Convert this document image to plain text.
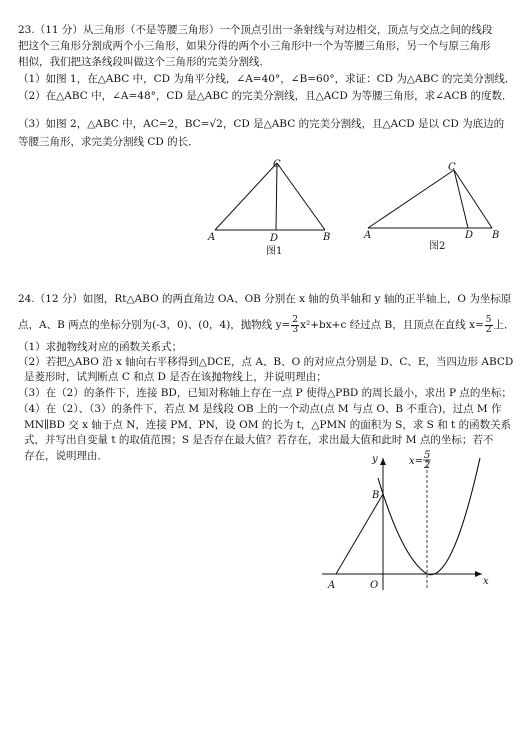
23.（11 分）从三角形（不是等腰三角形）一个顶点引出一条射线与对边相交，顶点与交点之间的线段
把这个三角形分割成两个小三角形，如果分得的两个小三角形中一个为等腰三角形，另一个与原三角形
相似，我们把这条线段叫做这个三角形的完美分割线．
（1）如图 1，在△ABC 中，CD 为角平分线，∠A=40°，∠B=60°，求证：CD 为△ABC 的完美分割线．
（2）在△ABC 中，∠A=48°，CD 是△ABC 的完美分割线，且△ACD 为等腰三角形，求∠ACB 的度数．
（3）如图 2，△ABC 中，AC=2，BC=√2，CD 是△ABC 的完美分割线，且△ACD 是以 CD 为底边的
等腰三角形，求完美分割线 CD 的长．
C
A	D	B
图1
C
A	D B
图2
24.（12 分）如图，Rt△ABO 的两直角边 OA、OB 分别在 x 轴的负半轴和 y 轴的正半轴上，O 为坐标原
点，A、B 两点的坐标分别为(-3，0)、(0，4)，抛物线 $y= \frac{2}{3} x^2+bx+c$ 经过点 B，且顶点在直线 $x= \frac{5}{2}$ 上．
（1）求抛物线对应的函数关系式；
（2）若把△ABO 沿 x 轴向右平移得到△DCE，点 A、B、O 的对应点分别是 D、C、E，当四边形 ABCD
是菱形时，试判断点 C 和点 D 是否在该抛物线上，并说明理由；
（3）在（2）的条件下，连接 BD，已知对称轴上存在一点 P 使得△PBD 的周长最小，求出 P 点的坐标；
（4）在（2）、（3）的条件下，若点 M 是线段 OB 上的一个动点(点 M 与点 O、B 不重合)，过点 M 作
MN∥BD 交 x 轴于点 N，连接 PM、PN，设 OM 的长为 t，△PMN 的面积为 S，求 S 和 t 的函数关系
式，并写出自变量 t 的取值范围；S 是否存在最大值？若存在，求出最大值和此时 M 点的坐标；若不
存在，说明理由．	y
x
B
A	O
x=
5
2
